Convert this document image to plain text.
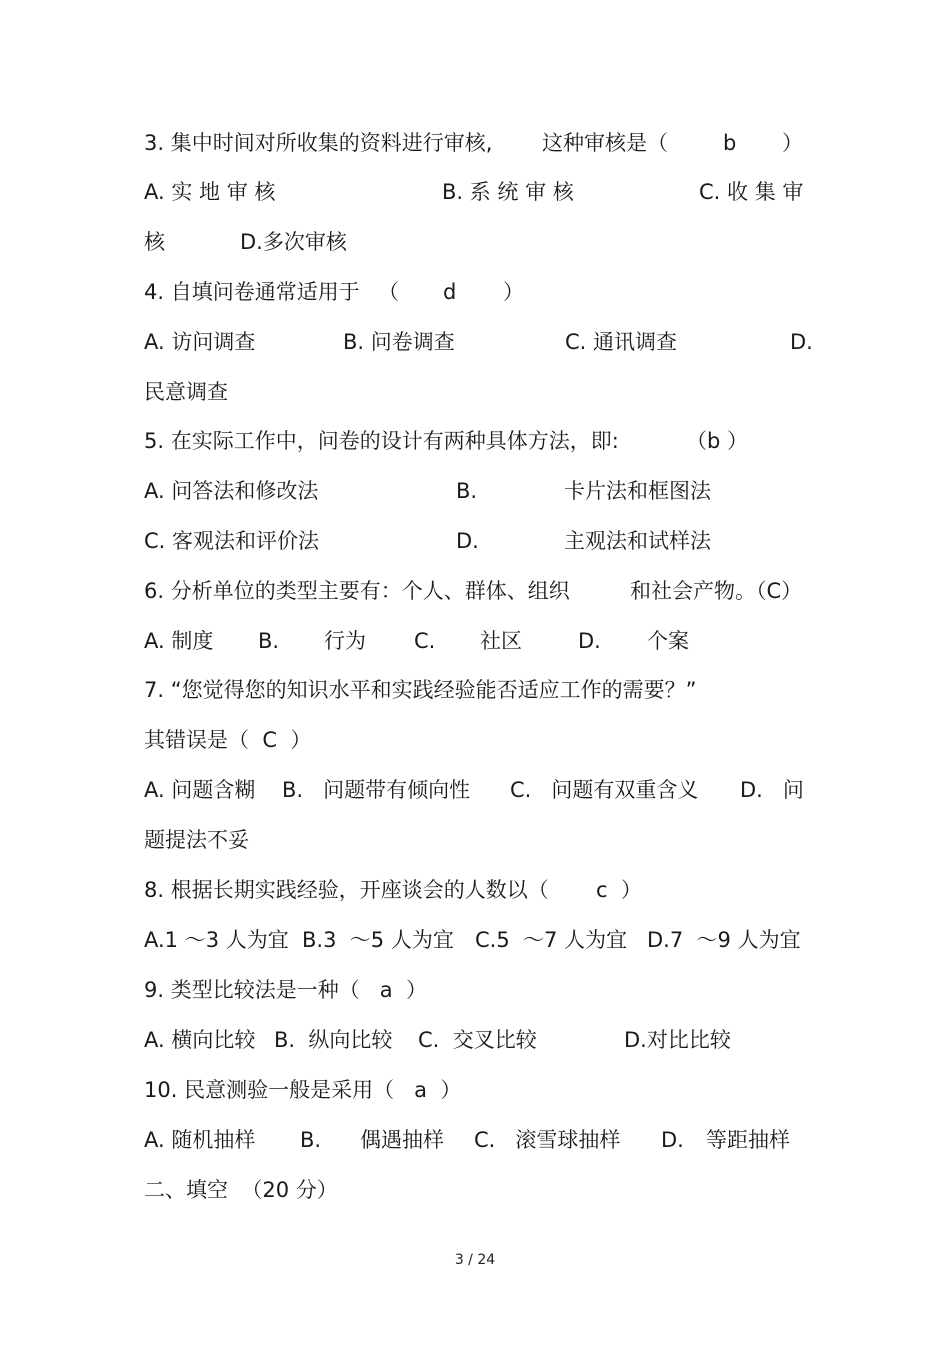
3. 集中时间对所收集的资料进行审核,

这种审核是（

	b

）

A. 实 地 审 核

	B. 系 统 审 核

	C. 收 集 审

核

	D.多次审核

4. 自填问卷通常适用于

（

d

）

A. 访问调查

	B. 问卷调查

	C. 通讯调查

	D.

民意调查

5. 在实际工作中，问卷的设计有两种具体方法，即:

	（b ）

A. 问答法和修改法

	B.

	卡片法和框图法

C. 客观法和评价法

	D.

	主观法和试样法

6. 分析单位的类型主要有：个人、群体、组织

	和社会产物。（C）

A. 制度

B.

行为

C.

社区

	D.

个案

7. “您觉得您的知识水平和实践经验能否适应工作的需要？”

其错误是（  C  ）

A. 问题含糊

B.   问题带有倾向性

C.   问题有双重含义

D.   问

题提法不妥

8. 根据长期实践经验，开座谈会的人数以（

c  ）

A.1 ～3 人为宜

B.3  ～5 人为宜

C.5  ～7 人为宜

D.7  ～9 人为宜

9. 类型比较法是一种（   a  ）

A. 横向比较

B.  纵向比较

C.  交叉比较

	D.对比比较

10. 民意测验一般是采用（   a  ）

A. 随机抽样

B.

偶遇抽样

C.   滚雪球抽样

D.

等距抽样

二、填空  （20 分）

3 / 24
